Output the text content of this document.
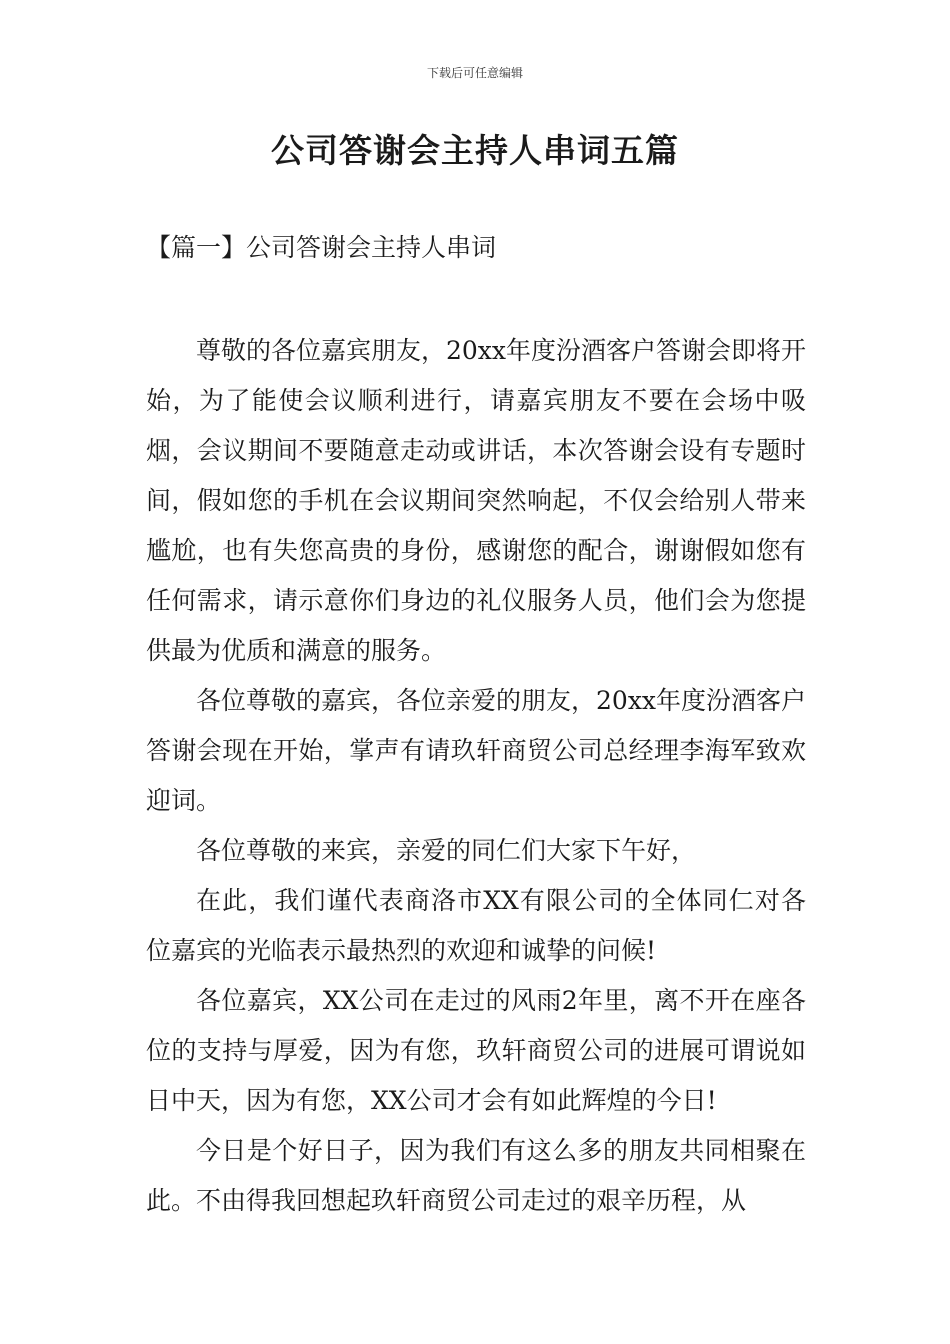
下载后可任意编辑
公司答谢会主持人串词五篇
【篇一】公司答谢会主持人串词

尊敬的各位嘉宾朋友，20xx年度汾酒客户答谢会即将开始，为了能使会议顺利进行，请嘉宾朋友不要在会场中吸烟，会议期间不要随意走动或讲话，本次答谢会设有专题时间，假如您的手机在会议期间突然响起，不仅会给别人带来尴尬，也有失您高贵的身份，感谢您的配合，谢谢假如您有任何需求，请示意你们身边的礼仪服务人员，他们会为您提供最为优质和满意的服务。

各位尊敬的嘉宾，各位亲爱的朋友，20xx年度汾酒客户答谢会现在开始，掌声有请玖轩商贸公司总经理李海军致欢迎词。

各位尊敬的来宾，亲爱的同仁们大家下午好，

在此，我们谨代表商洛市XX有限公司的全体同仁对各位嘉宾的光临表示最热烈的欢迎和诚挚的问候!

各位嘉宾，XX公司在走过的风雨2年里，离不开在座各位的支持与厚爱，因为有您，玖轩商贸公司的进展可谓说如日中天，因为有您，XX公司才会有如此辉煌的今日!

今日是个好日子，因为我们有这么多的朋友共同相聚在此。不由得我回想起玖轩商贸公司走过的艰辛历程，从
